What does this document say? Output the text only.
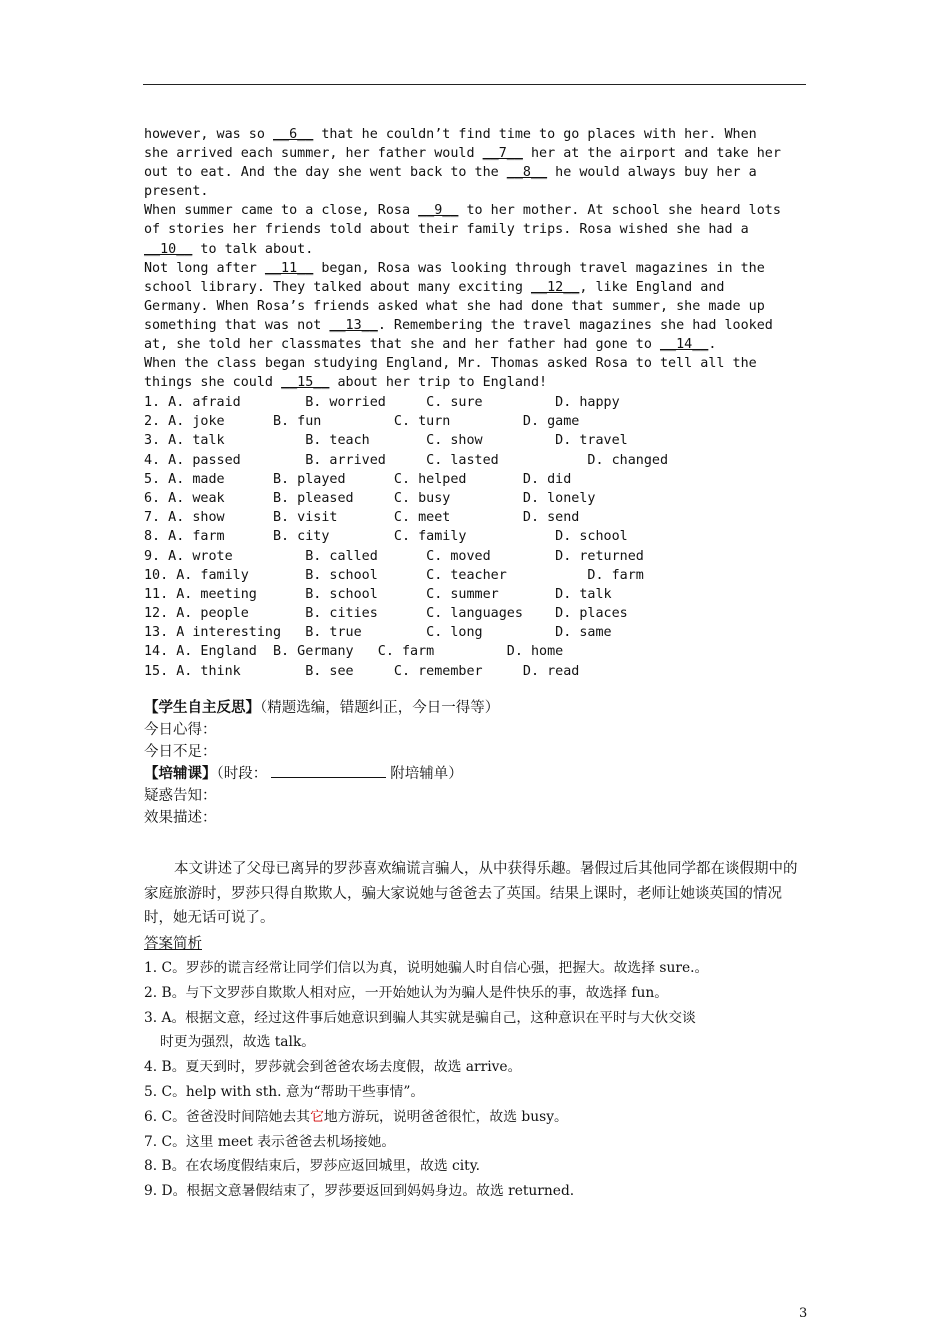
however, was so __6__ that he couldn’t find time to go places with her. When
she arrived each summer, her father would __7__ her at the airport and take her
out to eat. And the day she went back to the __8__ he would always buy her a
present.
When summer came to a close, Rosa __9__ to her mother. At school she heard lots
of stories her friends told about their family trips. Rosa wished she had a
__10__ to talk about.
Not long after __11__ began, Rosa was looking through travel magazines in the
school library. They talked about many exciting __12__, like England and
Germany. When Rosa’s friends asked what she had done that summer, she made up
something that was not __13__. Remembering the travel magazines she had looked
at, she told her classmates that she and her father had gone to __14__.
When the class began studying England, Mr. Thomas asked Rosa to tell all the
things she could __15__ about her trip to England!
1. A. afraid        B. worried     C. sure         D. happy
2. A. joke      B. fun         C. turn         D. game
3. A. talk          B. teach       C. show         D. travel
4. A. passed        B. arrived     C. lasted           D. changed
5. A. made      B. played      C. helped       D. did
6. A. weak      B. pleased     C. busy         D. lonely
7. A. show      B. visit       C. meet         D. send
8. A. farm      B. city        C. family           D. school
9. A. wrote         B. called      C. moved        D. returned
10. A. family       B. school      C. teacher          D. farm
11. A. meeting      B. school      C. summer       D. talk
12. A. people       B. cities      C. languages    D. places
13. A interesting   B. true        C. long         D. same
14. A. England  B. Germany   C. farm         D. home
15. A. think        B. see     C. remember     D. read
【学生自主反思】（精题选编，错题纠正，今日一得等）
今日心得：
今日不足：
【培辅课】（时段：	附培辅单）
疑惑告知：
效果描述：
本文讲述了父母已离异的罗莎喜欢编谎言骗人，从中获得乐趣。暑假过后其他同学都在谈假期中的家庭旅游时，罗莎只得自欺欺人，骗大家说她与爸爸去了英国。结果上课时，老师让她谈英国的情况时，她无话可说了。
答案简析
1. C。罗莎的谎言经常让同学们信以为真，说明她骗人时自信心强，把握大。故选择 sure.。
2. B。与下文罗莎自欺欺人相对应，一开始她认为为骗人是件快乐的事，故选择 fun。
3. A。根据文意，经过这件事后她意识到骗人其实就是骗自己，这种意识在平时与大伙交谈
时更为强烈，故选 talk。
4. B。夏天到时，罗莎就会到爸爸农场去度假，故选 arrive。
5. C。help with sth. 意为“帮助干些事情”。
6. C。爸爸没时间陪她去其它地方游玩，说明爸爸很忙，故选 busy。
7. C。这里 meet 表示爸爸去机场接她。
8. B。在农场度假结束后，罗莎应返回城里，故选 city.
9. D。根据文意暑假结束了，罗莎要返回到妈妈身边。故选 returned.
3
